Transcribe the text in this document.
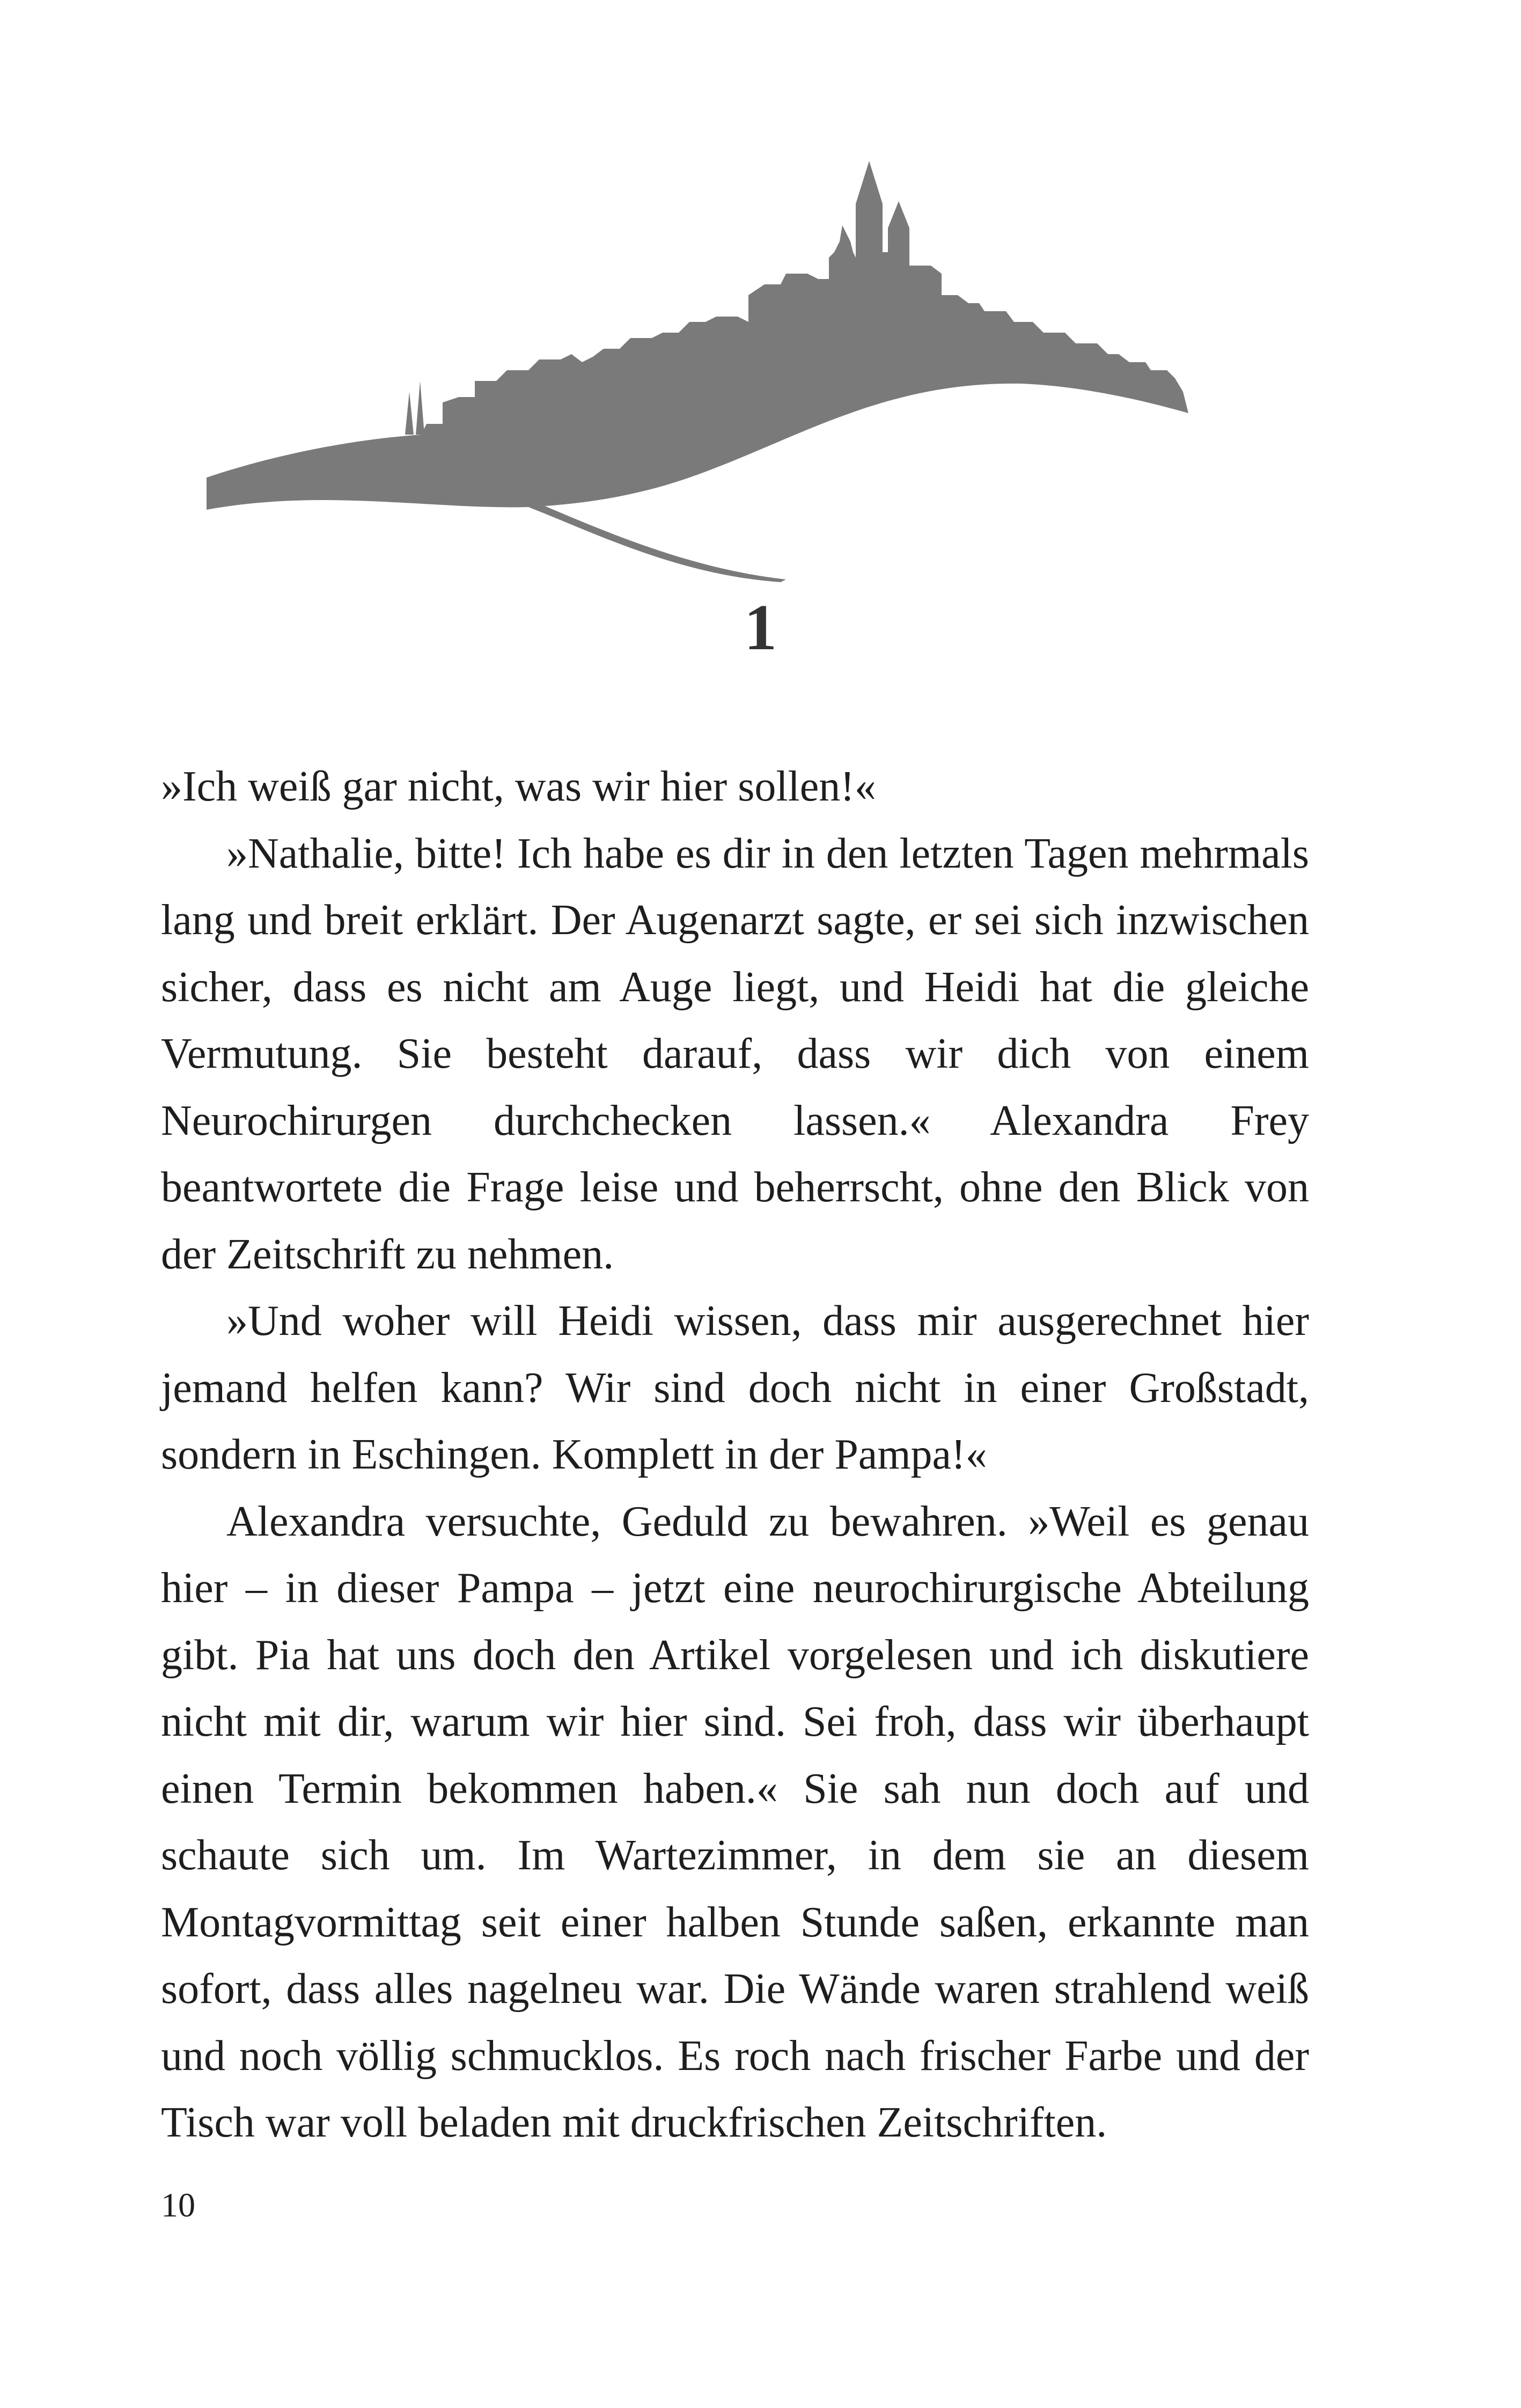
1

»Ich weiß gar nicht, was wir hier sollen!«

»Nathalie, bitte! Ich habe es dir in den letzten Tagen mehrmals lang und breit erklärt. Der Augenarzt sagte, er sei sich inzwischen sicher, dass es nicht am Auge liegt, und Heidi hat die gleiche Vermutung. Sie besteht darauf, dass wir dich von einem Neurochirurgen durchchecken lassen.« Alexandra Frey beantwortete die Frage leise und beherrscht, ohne den Blick von der Zeitschrift zu nehmen.

»Und woher will Heidi wissen, dass mir ausgerechnet hier jemand helfen kann? Wir sind doch nicht in einer Großstadt, sondern in Eschingen. Komplett in der Pampa!«

Alexandra versuchte, Geduld zu bewahren. »Weil es genau hier – in dieser Pampa – jetzt eine neurochirurgische Abteilung gibt. Pia hat uns doch den Artikel vorgelesen und ich diskutiere nicht mit dir, warum wir hier sind. Sei froh, dass wir überhaupt einen Termin bekommen haben.« Sie sah nun doch auf und schaute sich um. Im Wartezimmer, in dem sie an diesem Montagvormittag seit einer halben Stunde saßen, erkannte man sofort, dass alles nagelneu war. Die Wände waren strahlend weiß und noch völlig schmucklos. Es roch nach frischer Farbe und der Tisch war voll beladen mit druckfrischen Zeitschriften.

10
